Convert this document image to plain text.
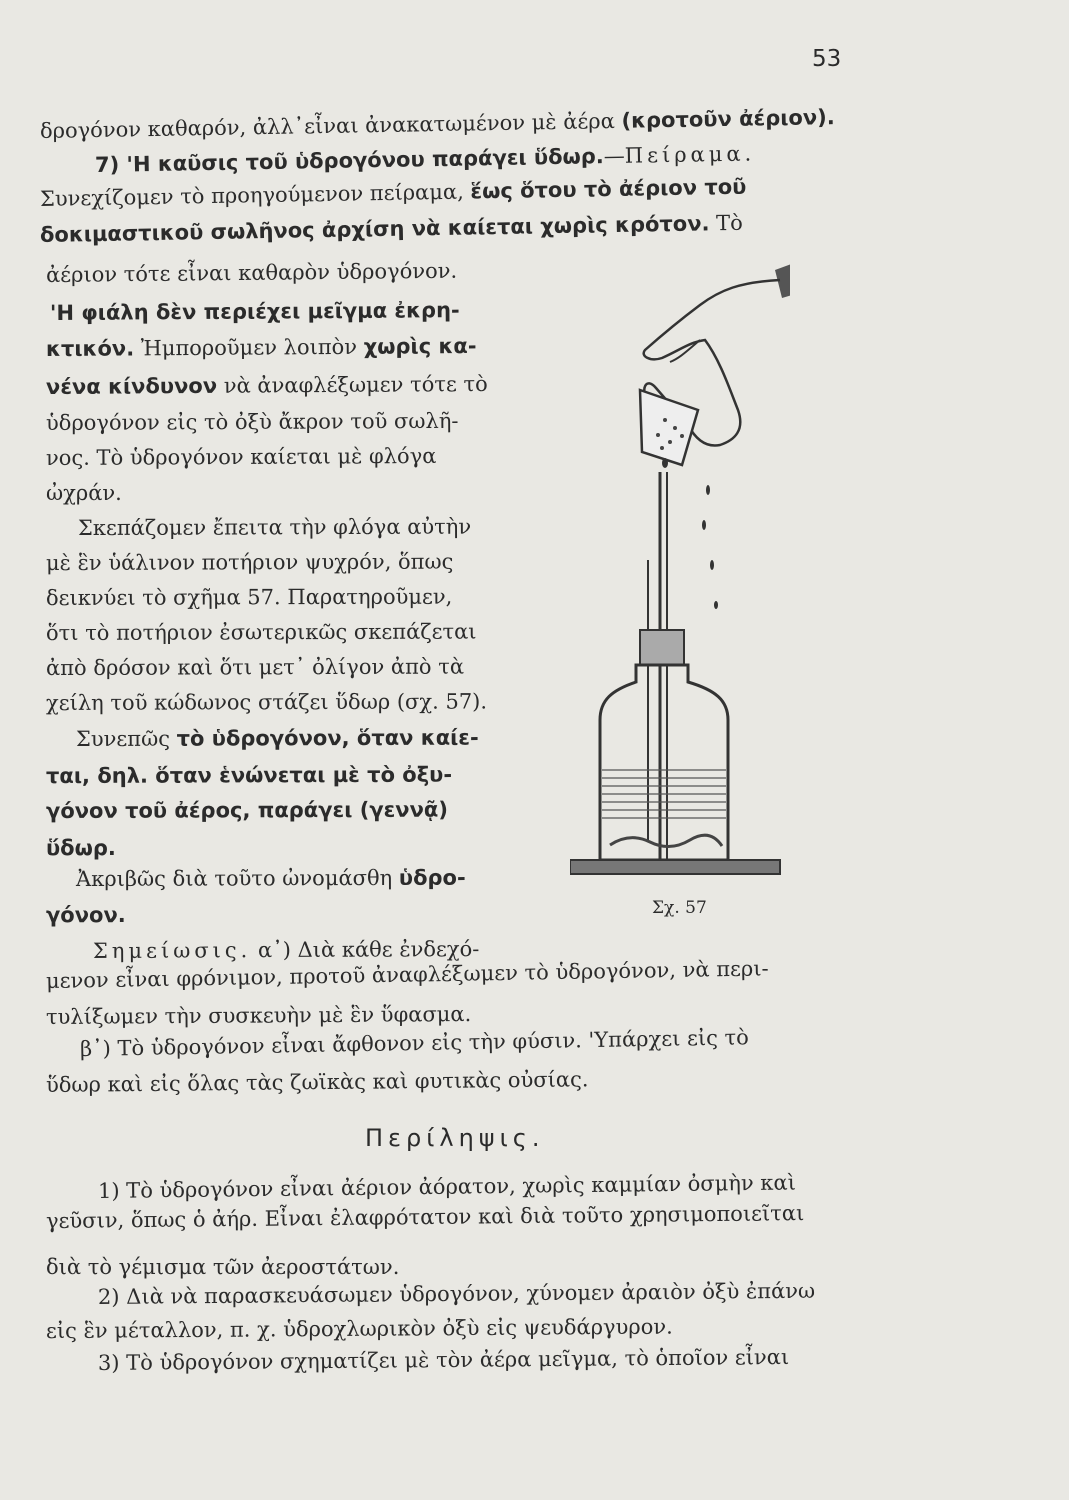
53
δρογόνον καθαρόν, ἀλλ᾿εἶναι ἀνακατωμένον μὲ ἀέρα (κροτοῦν ἀέριον).
7) 'Η καῦσις τοῦ ὑδρογόνου παράγει ὕδωρ.—Πείραμα.
Συνεχίζομεν τὸ προηγούμενον πείραμα, ἕως ὅτου τὸ ἀέριον τοῦ
δοκιμαστικοῦ σωλῆνος ἀρχίση νὰ καίεται χωρὶς κρότον. Τὸ
ἀέριον τότε εἶναι καθαρὸν ὑδρογόνον.
'Η φιάλη δὲν περιέχει μεῖγμα ἐκρη-
κτικόν. Ἠμποροῦμεν λοιπὸν χωρὶς κα-
νένα κίνδυνον νὰ ἀναφλέξωμεν τότε τὸ
ὑδρογόνον εἰς τὸ ὀξὺ ἄκρον τοῦ σωλῆ-
νος. Τὸ ὑδρογόνον καίεται μὲ φλόγα
ὠχράν.
Σκεπάζομεν ἔπειτα τὴν φλόγα αὐτὴν
μὲ ἓν ὑάλινον ποτήριον ψυχρόν, ὅπως
δεικνύει τὸ σχῆμα 57. Παρατηροῦμεν,
ὅτι τὸ ποτήριον ἐσωτερικῶς σκεπάζεται
ἀπὸ δρόσον καὶ ὅτι μετ᾿ ὀλίγον ἀπὸ τὰ
χείλη τοῦ κώδωνος στάζει ὕδωρ (σχ. 57).
Συνεπῶς τὸ ὑδρογόνον, ὅταν καίε-
ται, δηλ. ὅταν ἑνώνεται μὲ τὸ ὀξυ-
γόνον τοῦ ἀέρος, παράγει (γεννᾷ)
ὕδωρ.
Ἀκριβῶς διὰ τοῦτο ὠνομάσθη ὑδρο-
γόνον.
Σημείωσις. α᾿) Διὰ κάθε ἐνδεχό-
μενον εἶναι φρόνιμον, προτοῦ ἀναφλέξωμεν τὸ ὑδρογόνον, νὰ περι-
τυλίξωμεν τὴν συσκευὴν μὲ ἓν ὕφασμα.
β᾿) Τὸ ὑδρογόνον εἶναι ἄφθονον εἰς τὴν φύσιν. 'Υπάρχει εἰς τὸ
ὕδωρ καὶ εἰς ὅλας τὰς ζωϊκὰς καὶ φυτικὰς οὐσίας.
1) Τὸ ὑδρογόνον εἶναι ἀέριον ἀόρατον, χωρὶς καμμίαν ὀσμὴν καὶ
γεῦσιν, ὅπως ὁ ἀήρ. Εἶναι ἐλαφρότατον καὶ διὰ τοῦτο χρησιμοποιεῖται
διὰ τὸ γέμισμα τῶν ἀεροστάτων.
2) Διὰ νὰ παρασκευάσωμεν ὑδρογόνον, χύνομεν ἀραιὸν ὀξὺ ἐπάνω
εἰς ἓν μέταλλον, π. χ. ὑδροχλωρικὸν ὀξὺ εἰς ψευδάργυρον.
3) Τὸ ὑδρογόνον σχηματίζει μὲ τὸν ἀέρα μεῖγμα, τὸ ὁποῖον εἶναι
Σχ. 57
Περίληψις.
